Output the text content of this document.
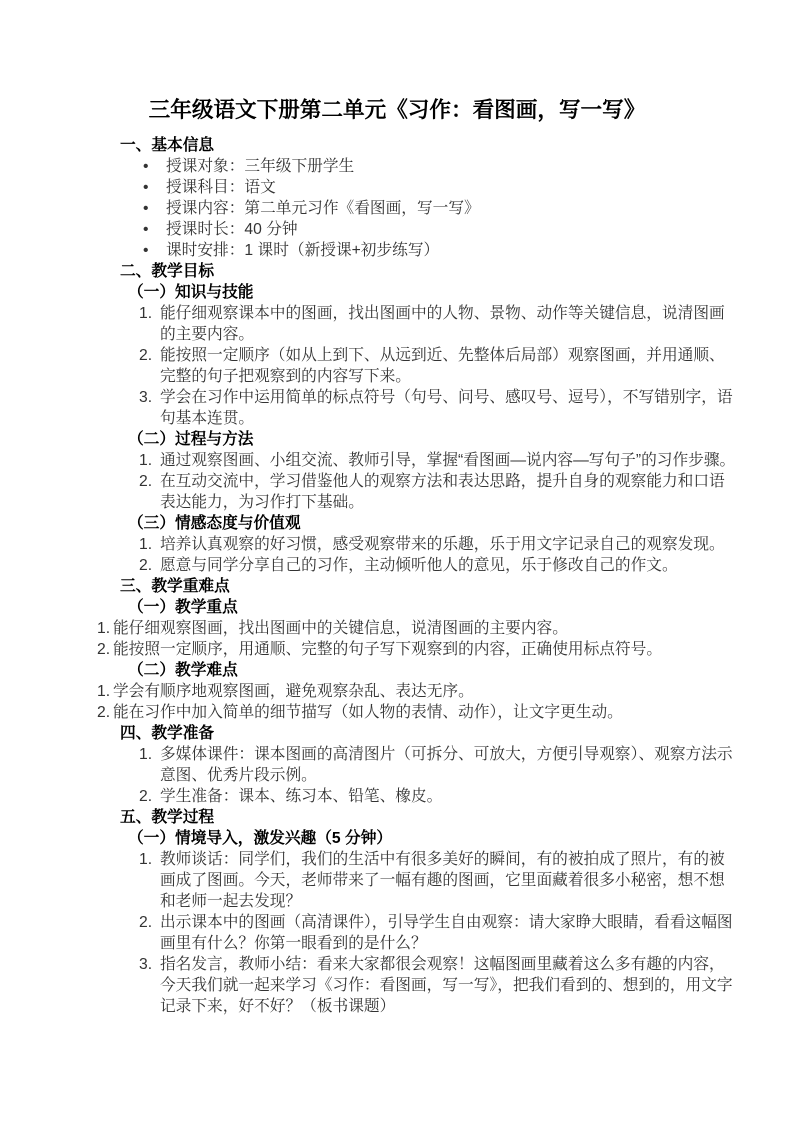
三年级语文下册第二单元《习作：看图画，写一写》
一、基本信息
• 授课对象：三年级下册学生
• 授课科目：语文
• 授课内容：第二单元习作《看图画，写一写》
• 授课时长：40 分钟
• 课时安排：1 课时（新授课+初步练写）
二、教学目标
（一）知识与技能
1. 能仔细观察课本中的图画，找出图画中的人物、景物、动作等关键信息，说清图画的主要内容。
2. 能按照一定顺序（如从上到下、从远到近、先整体后局部）观察图画，并用通顺、完整的句子把观察到的内容写下来。
3. 学会在习作中运用简单的标点符号（句号、问号、感叹号、逗号），不写错别字，语句基本连贯。
（二）过程与方法
1. 通过观察图画、小组交流、教师引导，掌握“看图画—说内容—写句子”的习作步骤。
2. 在互动交流中，学习借鉴他人的观察方法和表达思路，提升自身的观察能力和口语表达能力，为习作打下基础。
（三）情感态度与价值观
1. 培养认真观察的好习惯，感受观察带来的乐趣，乐于用文字记录自己的观察发现。
2. 愿意与同学分享自己的习作，主动倾听他人的意见，乐于修改自己的作文。
三、教学重难点
（一）教学重点

1. 能仔细观察图画，找出图画中的关键信息，说清图画的主要内容。

2. 能按照一定顺序，用通顺、完整的句子写下观察到的内容，正确使用标点符号。

（二）教学难点

1. 学会有顺序地观察图画，避免观察杂乱、表达无序。

2. 能在习作中加入简单的细节描写（如人物的表情、动作），让文字更生动。

四、教学准备
1. 多媒体课件：课本图画的高清图片（可拆分、可放大，方便引导观察）、观察方法示意图、优秀片段示例。
2. 学生准备：课本、练习本、铅笔、橡皮。
五、教学过程
（一）情境导入，激发兴趣（5 分钟）
1. 教师谈话：同学们，我们的生活中有很多美好的瞬间，有的被拍成了照片，有的被画成了图画。今天，老师带来了一幅有趣的图画，它里面藏着很多小秘密，想不想和老师一起去发现？
2. 出示课本中的图画（高清课件），引导学生自由观察：请大家睁大眼睛，看看这幅图画里有什么？你第一眼看到的是什么？
3. 指名发言，教师小结：看来大家都很会观察！这幅图画里藏着这么多有趣的内容，今天我们就一起来学习《习作：看图画，写一写》，把我们看到的、想到的，用文字记录下来，好不好？（板书课题）
